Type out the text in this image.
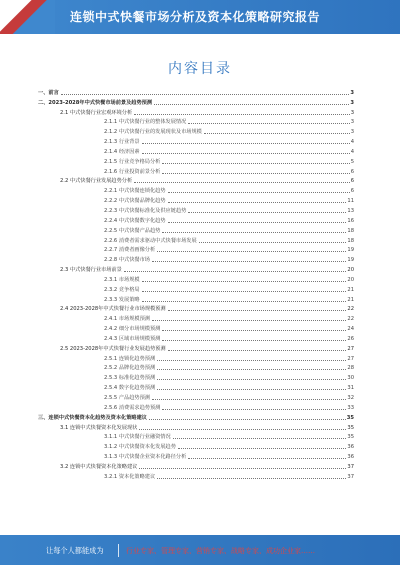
连锁中式快餐市场分析及资本化策略研究报告
内容目录
一、前言	3
二、2023-2028年中式快餐市场前景及趋势预测	3
2.1 中式快餐行业宏观环境分析	3
2.1.1 中式快餐行业的整体发展情况	3
2.1.2 中式快餐行业的发展现状及市场规模	3
2.1.3 行业背景	4
2.1.4 经济因素	4
2.1.5 行业竞争格局分析	5
2.1.6 行业投资前景分析	6
2.2 中式快餐行业发展趋势分析	6
2.2.1 中式快餐连锁化趋势	6
2.2.2 中式快餐品牌化趋势	11
2.2.3 中式快餐标准化及供应链趋势	13
2.2.4 中式快餐数字化趋势	16
2.2.5 中式快餐产品趋势	18
2.2.6 消费者需求驱动中式快餐市场发展	18
2.2.7 消费者画像分析	19
2.2.8 中式快餐市场	19
2.3 中式快餐行业市场前景	20
2.3.1 市场规模	20
2.3.2 竞争格局	21
2.3.3 发展策略	21
2.4 2023-2028年中式快餐行业市场规模预测	22
2.4.1 市场规模预测	22
2.4.2 细分市场规模预测	24
2.4.3 区域市场规模预测	26
2.5 2023-2028年中式快餐行业发展趋势预测	27
2.5.1 连锁化趋势预测	27
2.5.2 品牌化趋势预测	28
2.5.3 标准化趋势预测	30
2.5.4 数字化趋势预测	31
2.5.5 产品趋势预测	32
2.5.6 消费需求趋势预测	33
三、连锁中式快餐资本化趋势及资本化策略建议	35
3.1 连锁中式快餐资本化发展现状	35
3.1.1 中式快餐行业融资情况	35
3.1.2 中式快餐资本化发展趋势	36
3.1.3 中式快餐企业资本化路径分析	36
3.2 连锁中式快餐资本化策略建议	37
3.2.1 资本化策略建议	37
让每个人都能成为	行业专家、管理专家、营销专家、战略专家、成功企业家……
